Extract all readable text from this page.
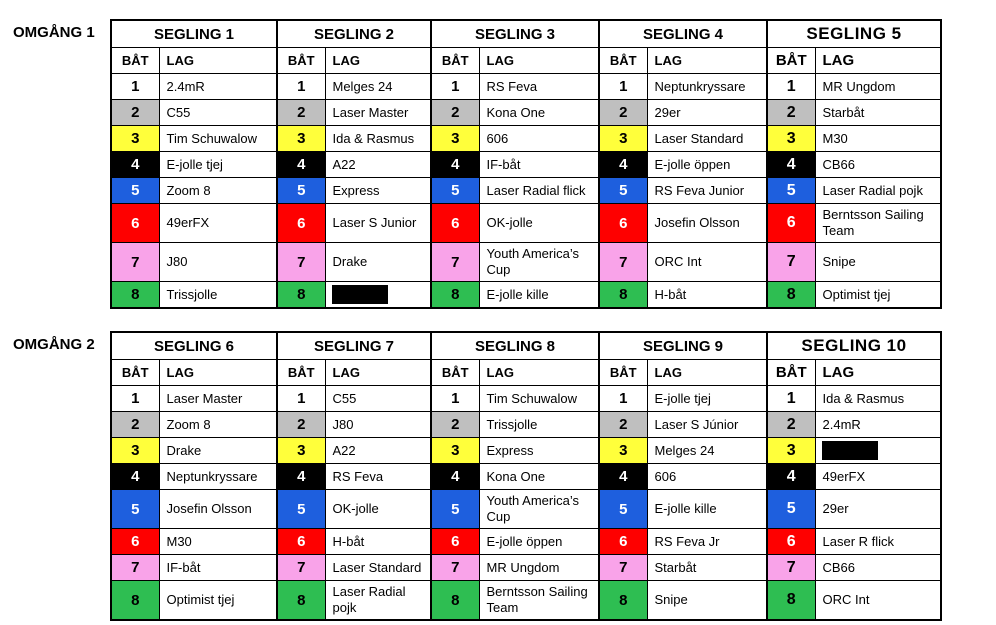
OMGÅNG 1	SEGLING 1		SEGLING 2		SEGLING 3		SEGLING 4		SEGLING 5	
BÅT	LAG	BÅT	LAG	BÅT	LAG	BÅT	LAG	BÅT	LAG
1	2.4mR	1	Melges 24	1	RS Feva	1	Neptunkryssare	1	MR Ungdom
2	C55	2	Laser Master	2	Kona One	2	29er	2	Starbåt
3	Tim Schuwalow	3	Ida & Rasmus	3	606	3	Laser Standard	3	M30
4	E-jolle tjej	4	A22	4	IF-båt	4	E-jolle öppen	4	CB66
5	Zoom 8	5	Express	5	Laser Radial flick	5	RS Feva Junior	5	Laser Radial pojk
6	49erFX	6	Laser S Junior	6	OK-jolle	6	Josefin Olsson	6	Berntsson Sailing Team
7	J80	7	Drake	7	Youth America’s Cup	7	ORC Int	7	Snipe
8	Trissjolle	8		8	E-jolle kille	8	H-båt	8	Optimist tjej
OMGÅNG 2	SEGLING 6		SEGLING 7		SEGLING 8		SEGLING 9		SEGLING 10	
BÅT	LAG	BÅT	LAG	BÅT	LAG	BÅT	LAG	BÅT	LAG
1	Laser Master	1	C55	1	Tim Schuwalow	1	E-jolle tjej	1	Ida & Rasmus
2	Zoom 8	2	J80	2	Trissjolle	2	Laser S Júnior	2	2.4mR
3	Drake	3	A22	3	Express	3	Melges 24	3	

4	Neptunkryssare	4	RS Feva	4	Kona One	4	606	4	49erFX
5	Josefin Olsson	5	OK-jolle	5	Youth America’s Cup	5	E-jolle kille	5	29er
6	M30	6	H-båt	6	E-jolle öppen	6	RS Feva Jr	6	Laser R flick
7	IF-båt	7	Laser Standard	7	MR Ungdom	7	Starbåt	7	CB66
8	Optimist tjej	8	Laser Radial pojk	8	Berntsson Sailing Team	8	Snipe	8	ORC Int
